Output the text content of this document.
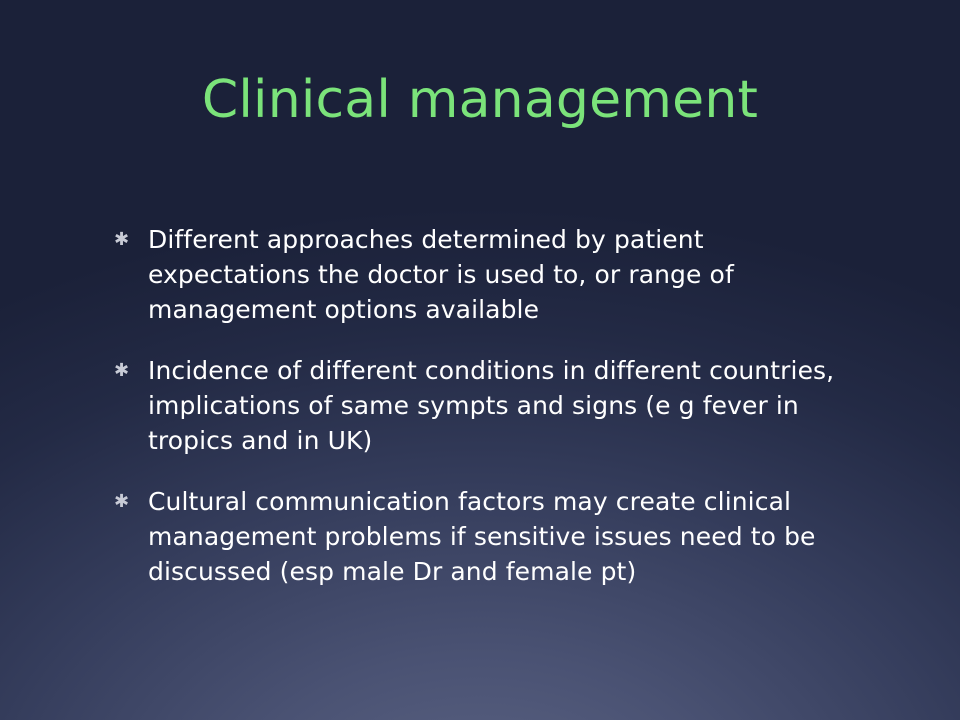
Clinical management
✱ Different approaches determined by patient expectations the doctor is used to, or range of management options available
✱ Incidence of different conditions in different countries, implications of same sympts and signs (e g fever in tropics and in UK)
✱ Cultural communication factors may create clinical management problems if sensitive issues need to be discussed (esp male Dr and female pt)
